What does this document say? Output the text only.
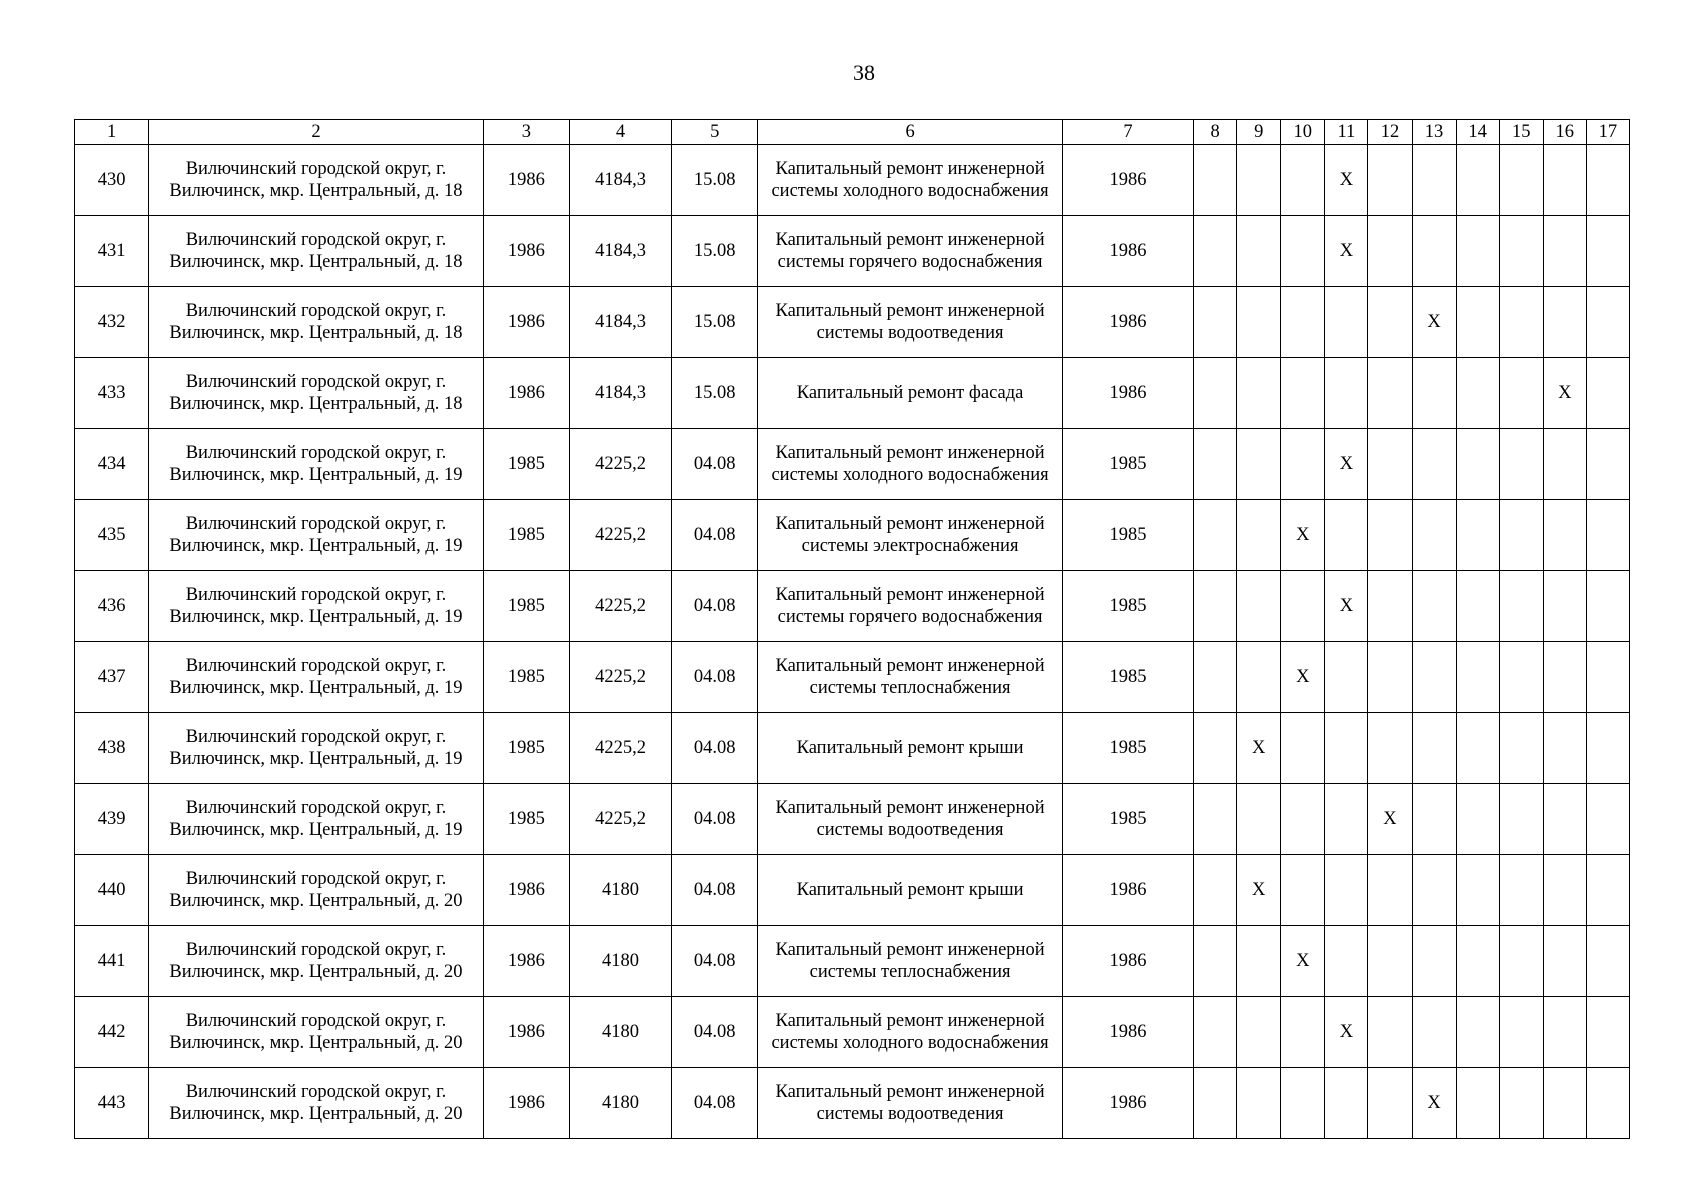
38
1	2	3	4	5	6	7	8	9	10	11	12	13	14	15	16	17
430	Вилючинский городской округ, г. Вилючинск, мкр. Центральный, д. 18	1986	4184,3	15.08	Капитальный ремонт инженерной системы холодного водоснабжения	1986				Х						
431	Вилючинский городской округ, г. Вилючинск, мкр. Центральный, д. 18	1986	4184,3	15.08	Капитальный ремонт инженерной системы горячего водоснабжения	1986				Х						
432	Вилючинский городской округ, г. Вилючинск, мкр. Центральный, д. 18	1986	4184,3	15.08	Капитальный ремонт инженерной системы водоотведения	1986						Х				
433	Вилючинский городской округ, г. Вилючинск, мкр. Центральный, д. 18	1986	4184,3	15.08	Капитальный ремонт фасада	1986									Х	
434	Вилючинский городской округ, г. Вилючинск, мкр. Центральный, д. 19	1985	4225,2	04.08	Капитальный ремонт инженерной системы холодного водоснабжения	1985				Х						
435	Вилючинский городской округ, г. Вилючинск, мкр. Центральный, д. 19	1985	4225,2	04.08	Капитальный ремонт инженерной системы электроснабжения	1985			Х							
436	Вилючинский городской округ, г. Вилючинск, мкр. Центральный, д. 19	1985	4225,2	04.08	Капитальный ремонт инженерной системы горячего водоснабжения	1985				Х						
437	Вилючинский городской округ, г. Вилючинск, мкр. Центральный, д. 19	1985	4225,2	04.08	Капитальный ремонт инженерной системы теплоснабжения	1985			Х							
438	Вилючинский городской округ, г. Вилючинск, мкр. Центральный, д. 19	1985	4225,2	04.08	Капитальный ремонт крыши	1985		Х								
439	Вилючинский городской округ, г. Вилючинск, мкр. Центральный, д. 19	1985	4225,2	04.08	Капитальный ремонт инженерной системы водоотведения	1985					Х					
440	Вилючинский городской округ, г. Вилючинск, мкр. Центральный, д. 20	1986	4180	04.08	Капитальный ремонт крыши	1986		Х								
441	Вилючинский городской округ, г. Вилючинск, мкр. Центральный, д. 20	1986	4180	04.08	Капитальный ремонт инженерной системы теплоснабжения	1986			Х							
442	Вилючинский городской округ, г. Вилючинск, мкр. Центральный, д. 20	1986	4180	04.08	Капитальный ремонт инженерной системы холодного водоснабжения	1986				Х						
443	Вилючинский городской округ, г. Вилючинск, мкр. Центральный, д. 20	1986	4180	04.08	Капитальный ремонт инженерной системы водоотведения	1986						Х				
